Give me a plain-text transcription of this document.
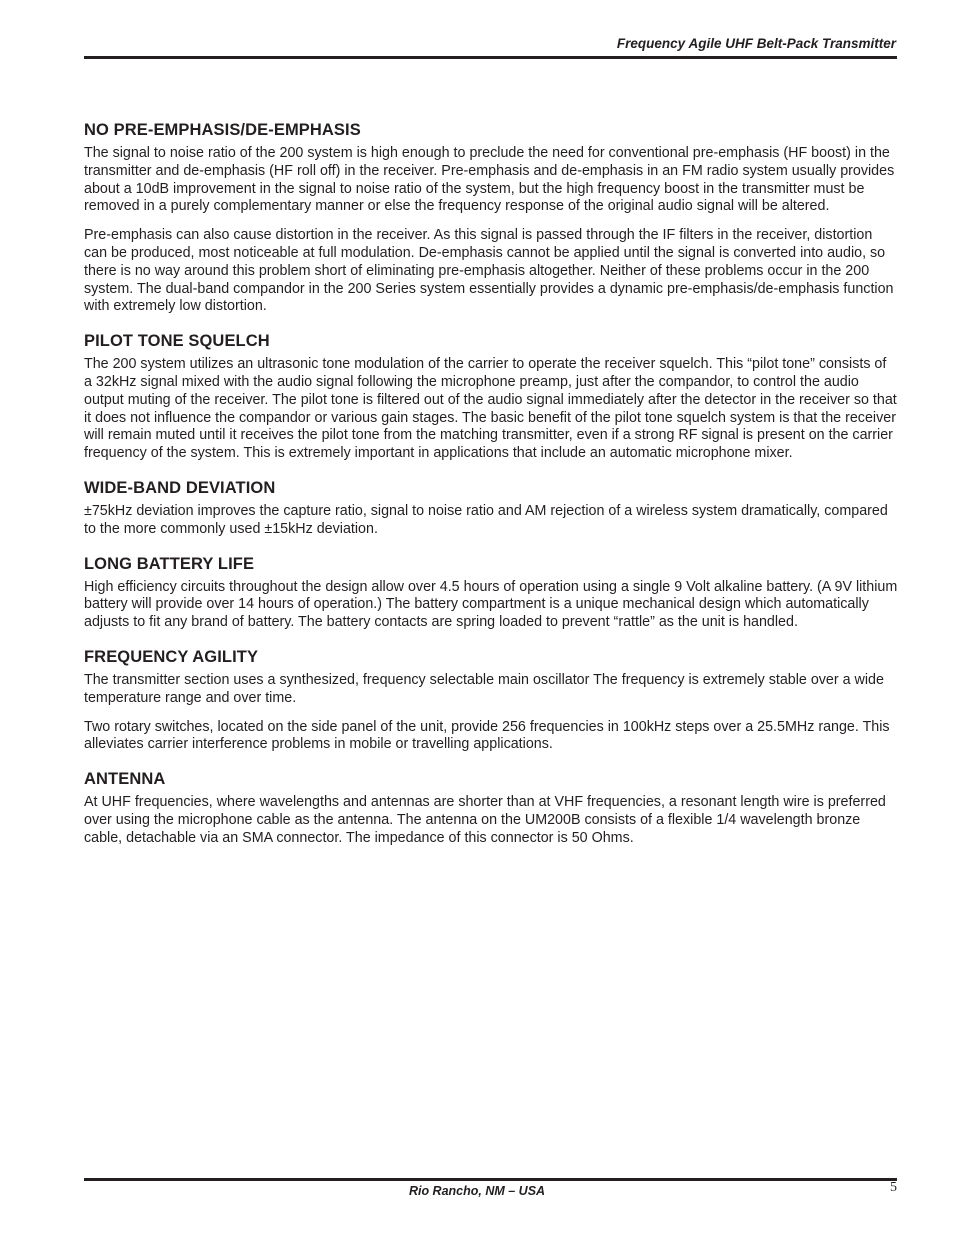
Frequency Agile UHF Belt-Pack Transmitter
NO PRE-EMPHASIS/DE-EMPHASIS

The signal to noise ratio of the 200 system is high enough to preclude the need for conventional pre-emphasis (HF boost) in the transmitter and de-emphasis (HF roll off) in the receiver. Pre-emphasis and de-emphasis in an FM radio system usually provides about a 10dB improvement in the signal to noise ratio of the system, but the high frequency boost in the transmitter must be removed in a purely complementary manner or else the frequency response of the original audio signal will be altered.

Pre-emphasis can also cause distortion in the receiver. As this signal is passed through the IF filters in the receiver, distortion can be produced, most noticeable at full modulation. De-emphasis cannot be applied until the signal is converted into audio, so there is no way around this problem short of eliminating pre-emphasis altogether. Neither of these problems occur in the 200 system. The dual-band compandor in the 200 Series system essentially provides a dynamic pre-emphasis/de-emphasis function with extremely low distortion.

PILOT TONE SQUELCH

The 200 system utilizes an ultrasonic tone modulation of the carrier to operate the receiver squelch. This “pilot tone” consists of a 32kHz signal mixed with the audio signal following the microphone preamp, just after the compandor, to control the audio output muting of the receiver. The pilot tone is filtered out of the audio signal immediately after the detector in the receiver so that it does not influence the compandor or various gain stages. The basic benefit of the pilot tone squelch system is that the receiver will remain muted until it receives the pilot tone from the matching transmitter, even if a strong RF signal is present on the carrier frequency of the system. This is extremely important in applications that include an automatic microphone mixer.

WIDE-BAND DEVIATION

±75kHz deviation improves the capture ratio, signal to noise ratio and AM rejection of a wireless system dramatically, compared to the more commonly used ±15kHz deviation.

LONG BATTERY LIFE

High efficiency circuits throughout the design allow over 4.5 hours of operation using a single 9 Volt alkaline battery. (A 9V lithium battery will provide over 14 hours of operation.) The battery compartment is a unique mechanical design which automatically adjusts to fit any brand of battery. The battery contacts are spring loaded to prevent “rattle” as the unit is handled.

FREQUENCY AGILITY

The transmitter section uses a synthesized, frequency selectable main oscillator The frequency is extremely stable over a wide temperature range and over time.

Two rotary switches, located on the side panel of the unit, provide 256 frequencies in 100kHz steps over a 25.5MHz range. This alleviates carrier interference problems in mobile or travelling applications.

ANTENNA

At UHF frequencies, where wavelengths and antennas are shorter than at VHF frequencies, a resonant length wire is preferred over using the microphone cable as the antenna. The antenna on the UM200B consists of a flexible 1/4 wavelength bronze cable, detachable via an SMA connector. The impedance of this connector is 50 Ohms.

Rio Rancho, NM – USA	5
